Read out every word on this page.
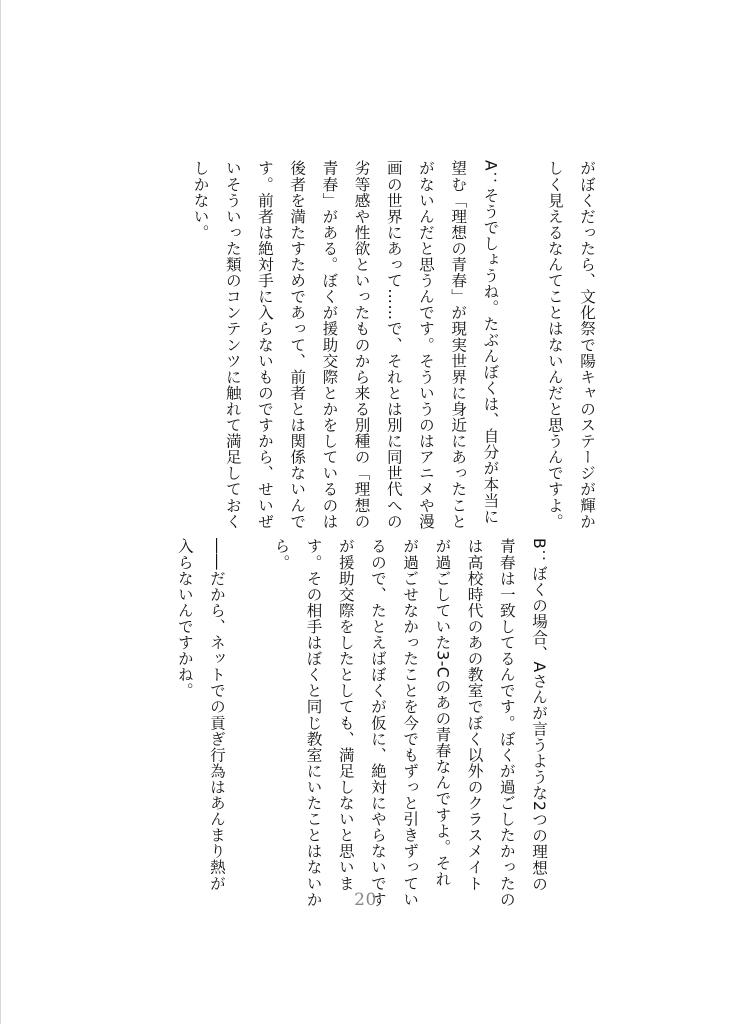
がぼくだったら、文化祭で陽キャのステージが輝か
しく見えるなんてことはないんだと思うんですよ。

A：そうでしょうね。たぶんぼくは、自分が本当に
望む「理想の青春」が現実世界に身近にあったこと
がないんだと思うんです。そういうのはアニメや漫
画の世界にあって……で、それとは別に同世代への
劣等感や性欲といったものから来る別種の「理想の
青春」がある。ぼくが援助交際とかをしているのは
後者を満たすためであって、前者とは関係ないんで
す。前者は絶対手に入らないものですから、せいぜ
いそういった類のコンテンツに触れて満足しておく
しかない。
B：ぼくの場合、Aさんが言うような2つの理想の
青春は一致してるんです。ぼくが過ごしたかったの
は高校時代のあの教室でぼく以外のクラスメイト
が過ごしていた3-Cのあの青春なんですよ。それ
が過ごせなかったことを今でもずっと引きずってい
るので、たとえばぼくが仮に、絶対にやらないです
が援助交際をしたとしても、満足しないと思いま
す。その相手はぼくと同じ教室にいたことはないか
ら。

――だから、ネットでの貢ぎ行為はあんまり熱が
入らないんですかね。
20
